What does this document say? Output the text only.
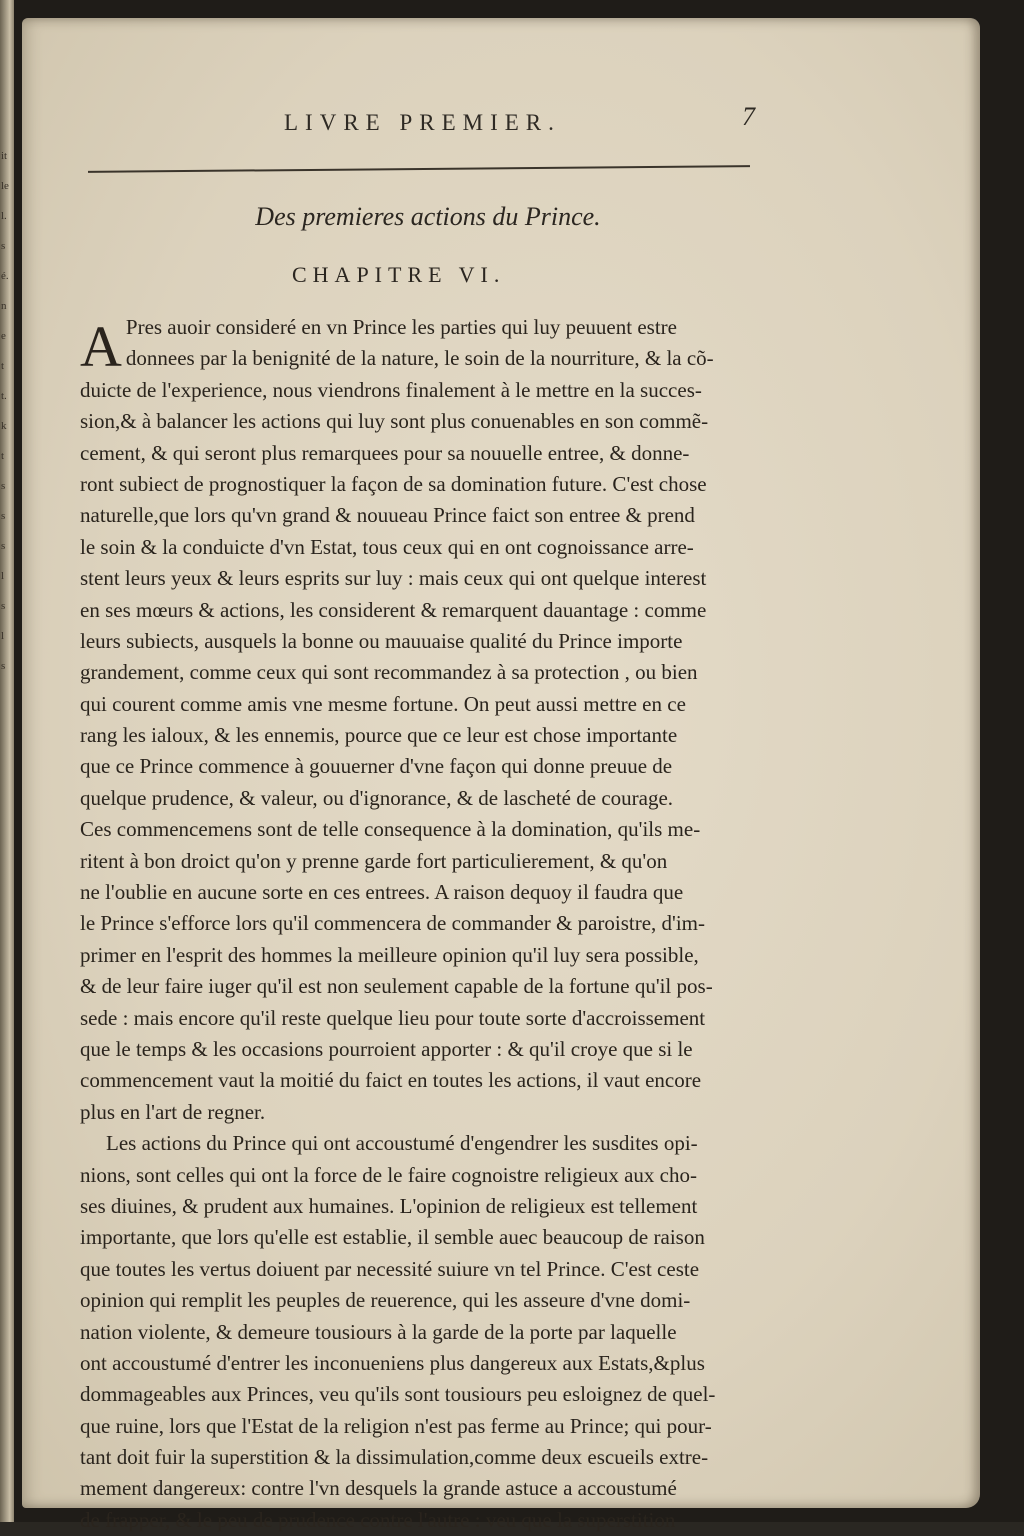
it
le
l.
s
é.
n
e
t
t.
k
t
s
s
s
l
s
l
s
LIVRE PREMIER.	7
Des premieres actions du Prince.
CHAPITRE VI.
A Pres auoir consideré en vn Prince les parties qui luy peuuent estre
donnees par la benignité de la nature, le soin de la nourriture, & la cõ-
duicte de l'experience, nous viendrons finalement à le mettre en la succes-
sion,& à balancer les actions qui luy sont plus conuenables en son commẽ-
cement, & qui seront plus remarquees pour sa nouuelle entree, & donne-
ront subiect de prognostiquer la façon de sa domination future. C'est chose
naturelle,que lors qu'vn grand & nouueau Prince faict son entree & prend
le soin & la conduicte d'vn Estat, tous ceux qui en ont cognoissance arre-
stent leurs yeux & leurs esprits sur luy : mais ceux qui ont quelque interest
en ses mœurs & actions, les considerent & remarquent dauantage : comme
leurs subiects, ausquels la bonne ou mauuaise qualité du Prince importe
grandement, comme ceux qui sont recommandez à sa protection , ou bien
qui courent comme amis vne mesme fortune. On peut aussi mettre en ce
rang les ialoux, & les ennemis, pource que ce leur est chose importante
que ce Prince commence à gouuerner d'vne façon qui donne preuue de
quelque prudence, & valeur, ou d'ignorance, & de lascheté de courage.
Ces commencemens sont de telle consequence à la domination, qu'ils me-
ritent à bon droict qu'on y prenne garde fort particulierement, & qu'on
ne l'oublie en aucune sorte en ces entrees. A raison dequoy il faudra que
le Prince s'efforce lors qu'il commencera de commander & paroistre, d'im-
primer en l'esprit des hommes la meilleure opinion qu'il luy sera possible,
& de leur faire iuger qu'il est non seulement capable de la fortune qu'il pos-
sede : mais encore qu'il reste quelque lieu pour toute sorte d'accroissement
que le temps & les occasions pourroient apporter : & qu'il croye que si le
commencement vaut la moitié du faict en toutes les actions, il vaut encore
plus en l'art de regner.
Les actions du Prince qui ont accoustumé d'engendrer les susdites opi-
nions, sont celles qui ont la force de le faire cognoistre religieux aux cho-
ses diuines, & prudent aux humaines. L'opinion de religieux est tellement
importante, que lors qu'elle est establie, il semble auec beaucoup de raison
que toutes les vertus doiuent par necessité suiure vn tel Prince. C'est ceste
opinion qui remplit les peuples de reuerence, qui les asseure d'vne domi-
nation violente, & demeure tousiours à la garde de la porte par laquelle
ont accoustumé d'entrer les inconueniens plus dangereux aux Estats,&plus
dommageables aux Princes, veu qu'ils sont tousiours peu esloignez de quel-
que ruine, lors que l'Estat de la religion n'est pas ferme au Prince; qui pour-
tant doit fuir la superstition & la dissimulation,comme deux escueils extre-
mement dangereux: contre l'vn desquels la grande astuce a accoustumé
de frapper, & le peu de prudence contre l'autre : veu que la superstition
